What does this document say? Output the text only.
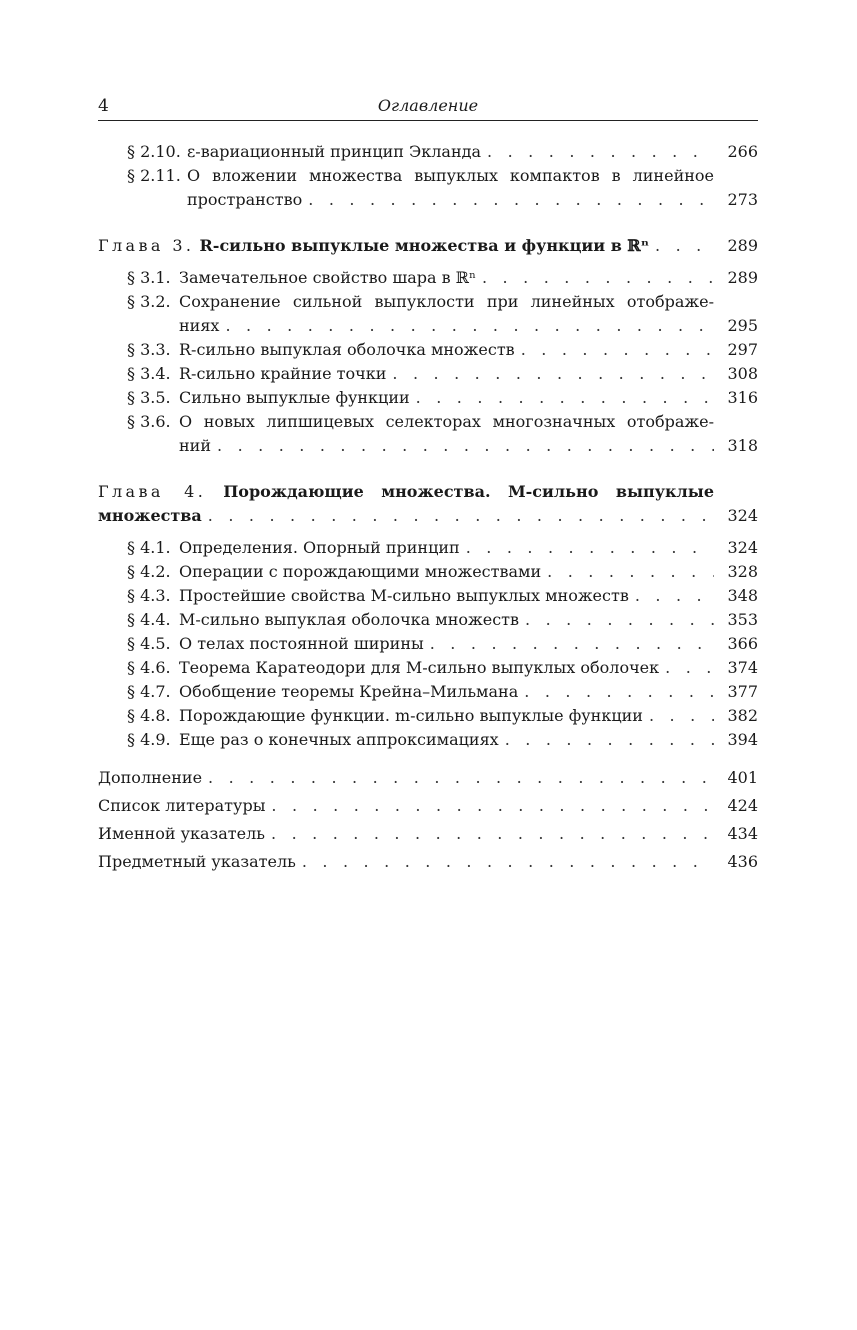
4	Оглавление
§ 2.10. ε-вариационный принцип Экланда . . .	266
§ 2.11. О вложении множества выпуклых компактов в линейное
пространство . . .	273
Глава 3. R-сильно выпуклые множества и функции в ℝⁿ . . .	289
§ 3.1. Замечательное свойство шара в ℝⁿ . . .	289
§ 3.2. Сохранение сильной выпуклости при линейных отображе-
ниях . . .	295
§ 3.3. R-сильно выпуклая оболочка множеств . . .	297
§ 3.4. R-сильно крайние точки . . .	308
§ 3.5. Сильно выпуклые функции . . .	316
§ 3.6. О новых липшицевых селекторах многозначных отображе-
ний . . .	318
Глава 4. Порождающие множества. M-сильно выпуклые
множества . . .	324
§ 4.1. Определения. Опорный принцип . . .	324
§ 4.2. Операции с порождающими множествами . . .	328
§ 4.3. Простейшие свойства M-сильно выпуклых множеств . . .	348
§ 4.4. M-сильно выпуклая оболочка множеств . . .	353
§ 4.5. О телах постоянной ширины . . .	366
§ 4.6. Теорема Каратеодори для M-сильно выпуклых оболочек . . .	374
§ 4.7. Обобщение теоремы Крейна–Мильмана . . .	377
§ 4.8. Порождающие функции. m-сильно выпуклые функции . . .	382
§ 4.9. Еще раз о конечных аппроксимациях . . .	394
Дополнение . . .	401
Список литературы . . .	424
Именной указатель . . .	434
Предметный указатель . . .	436
